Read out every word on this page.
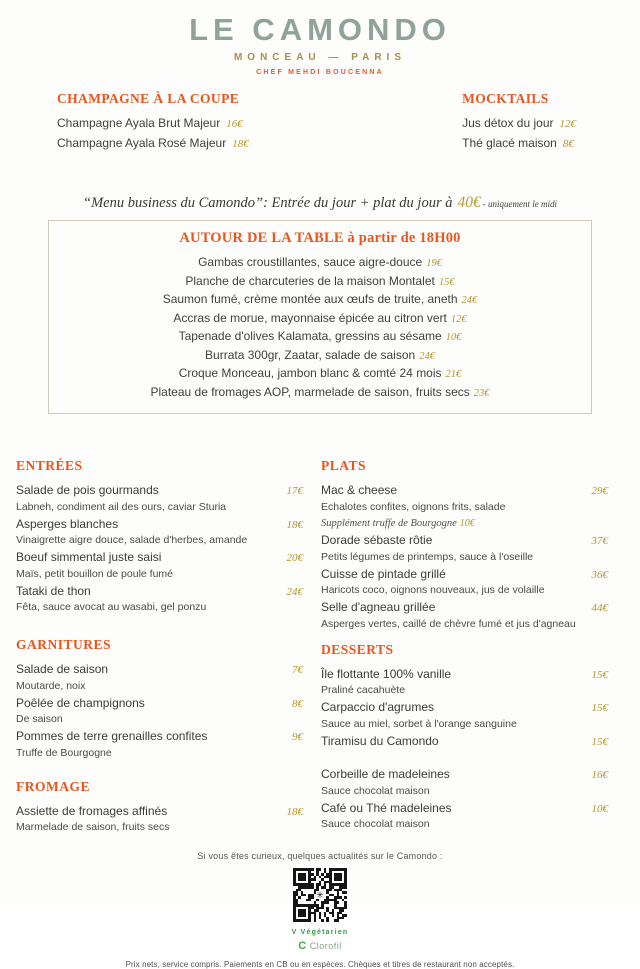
LE CAMONDO
MONCEAU — PARIS
CHEF MEHDI BOUCENNA
CHAMPAGNE À LA COUPE
Champagne Ayala Brut Majeur 16€
Champagne Ayala Rosé Majeur 18€
MOCKTAILS
Jus détox du jour 12€
Thé glacé maison 8€
“Menu business du Camondo”: Entrée du jour + plat du jour à 40€ - uniquement le midi
AUTOUR DE LA TABLE à partir de 18H00
Gambas croustillantes, sauce aigre-douce 19€
Planche de charcuteries de la maison Montalet 15€
Saumon fumé, crème montée aux œufs de truite, aneth 24€
Accras de morue, mayonnaise épicée au citron vert 12€
Tapenade d'olives Kalamata, gressins au sésame 10€
Burrata 300gr, Zaatar, salade de saison 24€
Croque Monceau, jambon blanc & comté 24 mois 21€
Plateau de fromages AOP, marmelade de saison, fruits secs 23€
ENTRÉES
Salade de pois gourmands	17€
Labneh, condiment ail des ours, caviar Sturia
Asperges blanches	18€
Vinaigrette aigre douce, salade d'herbes, amande
Boeuf simmental juste saisi	20€
Maïs, petit bouillon de poule fumé
Tataki de thon	24€
Fêta, sauce avocat au wasabi, gel ponzu
GARNITURES
Salade de saison	7€
Moutarde, noix
Poêlée de champignons	8€
De saison
Pommes de terre grenailles confites	9€
Truffe de Bourgogne
FROMAGE
Assiette de fromages affinés	18€
Marmelade de saison, fruits secs
PLATS
Mac & cheese	29€
Echalotes confites, oignons frits, salade
Supplément truffe de Bourgogne 10€
Dorade sébaste rôtie	37€
Petits légumes de printemps, sauce à l'oseille
Cuisse de pintade grillé	36€
Haricots coco, oignons nouveaux, jus de volaille
Selle d'agneau grillée	44€
Asperges vertes, caillé de chèvre fumé et jus d'agneau
DESSERTS
Île flottante 100% vanille	15€
Praliné cacahuète
Carpaccio d'agrumes	15€
Sauce au miel, sorbet à l'orange sanguine
Tiramisu du Camondo	15€
Corbeille de madeleines	16€
Sauce chocolat maison
Café ou Thé madeleines	10€
Sauce chocolat maison
Si vous êtes curieux, quelques actualités sur le Camondo :
✳
V Végétarien
C Clorofil
Prix nets, service compris. Paiements en CB ou en espèces. Chèques et titres de restaurant non acceptés.
